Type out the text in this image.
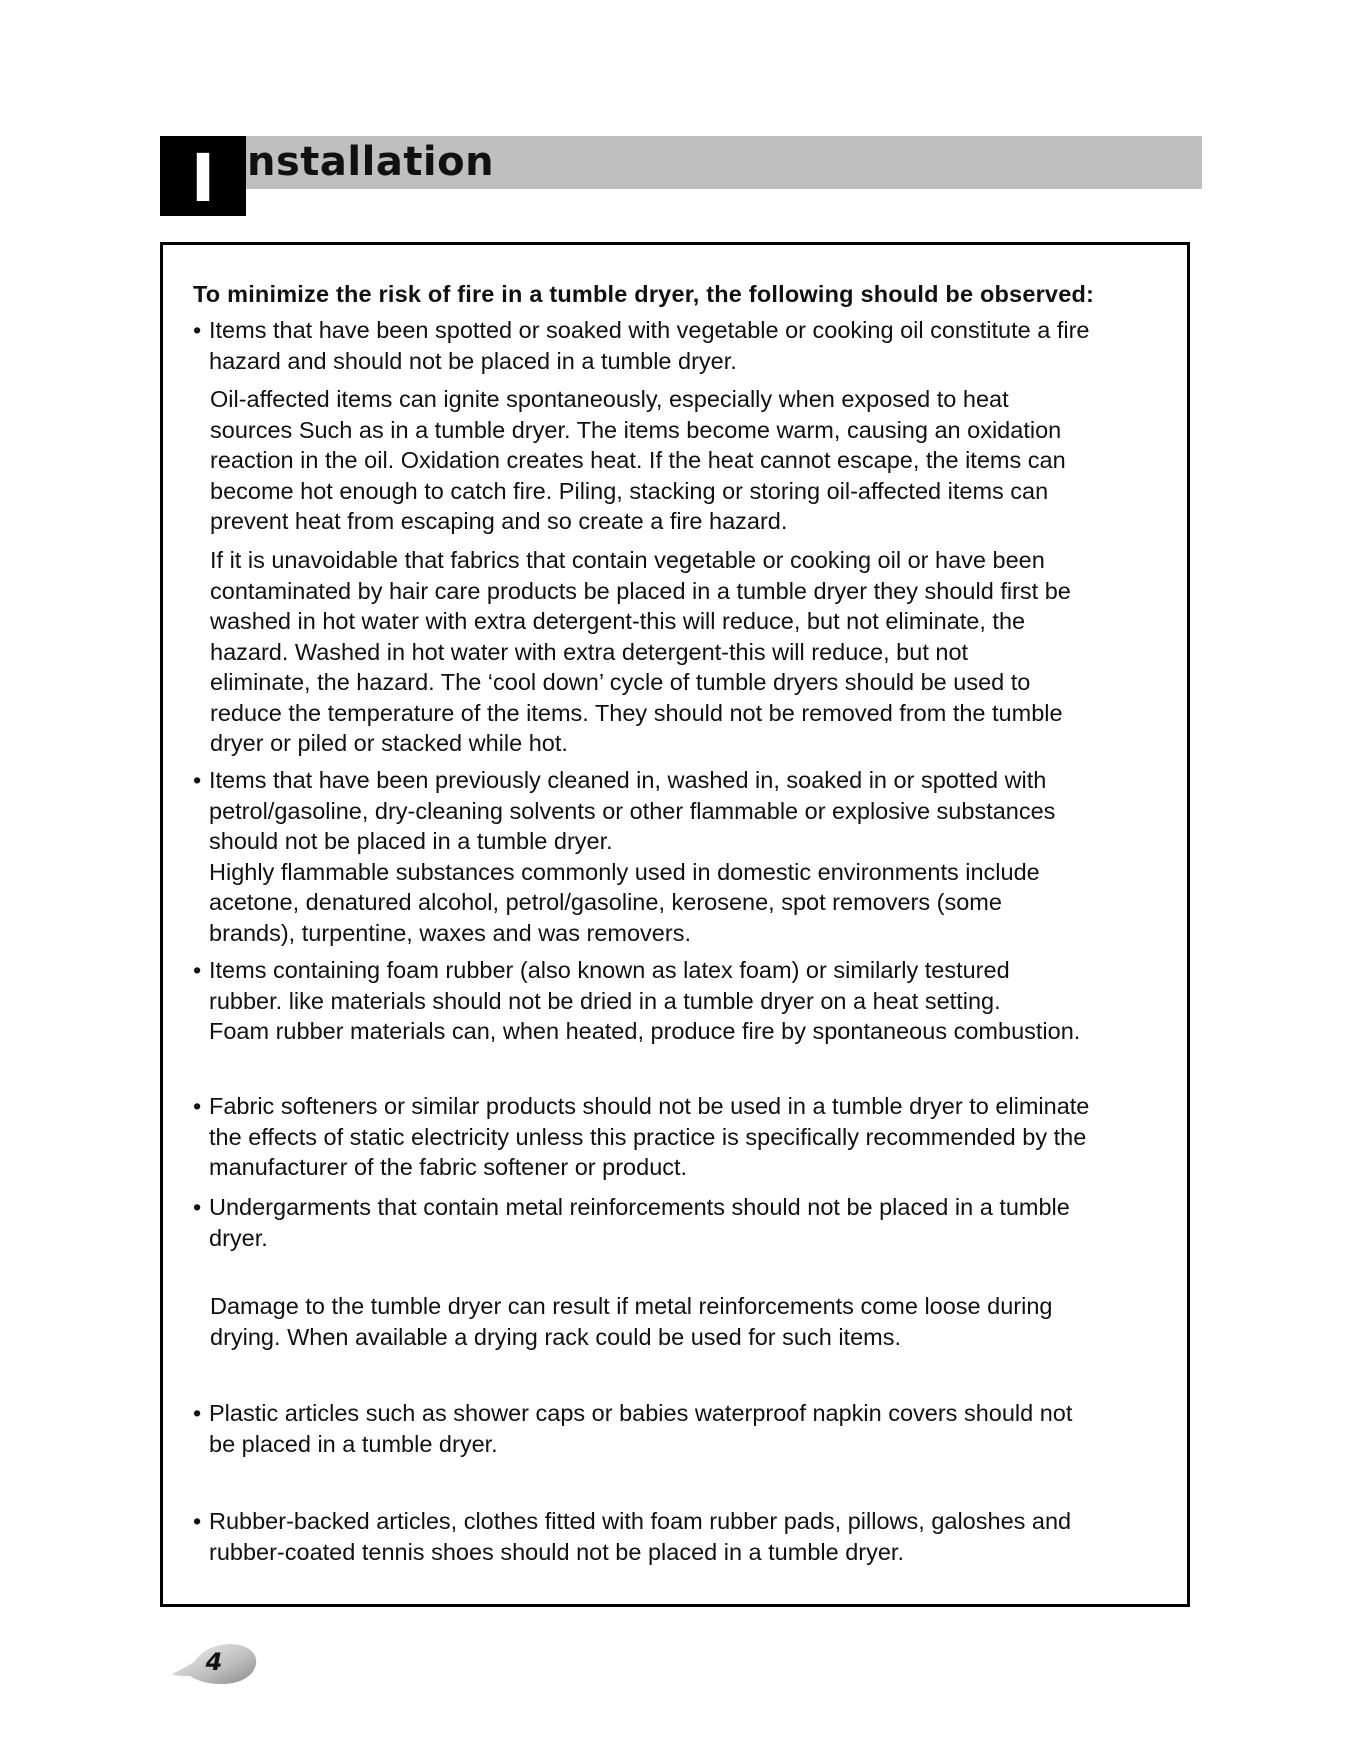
I nstallation
To minimize the risk of fire in a tumble dryer, the following should be observed:
• Items that have been spotted or soaked with vegetable or cooking oil constitute a fire
hazard and should not be placed in a tumble dryer.
Oil-affected items can ignite spontaneously, especially when exposed to heat
sources Such as in a tumble dryer. The items become warm, causing an oxidation
reaction in the oil. Oxidation creates heat. If the heat cannot escape, the items can
become hot enough to catch fire. Piling, stacking or storing oil-affected items can
prevent heat from escaping and so create a fire hazard.
If it is unavoidable that fabrics that contain vegetable or cooking oil or have been
contaminated by hair care products be placed in a tumble dryer they should first be
washed in hot water with extra detergent-this will reduce, but not eliminate, the
hazard. Washed in hot water with extra detergent-this will reduce, but not
eliminate, the hazard. The ‘cool down’ cycle of tumble dryers should be used to
reduce the temperature of the items. They should not be removed from the tumble
dryer or piled or stacked while hot.
• Items that have been previously cleaned in, washed in, soaked in or spotted with
petrol/gasoline, dry-cleaning solvents or other flammable or explosive substances
should not be placed in a tumble dryer.
Highly flammable substances commonly used in domestic environments include
acetone, denatured alcohol, petrol/gasoline, kerosene, spot removers (some
brands), turpentine, waxes and was removers.
• Items containing foam rubber (also known as latex foam) or similarly testured
rubber. like materials should not be dried in a tumble dryer on a heat setting.
Foam rubber materials can, when heated, produce fire by spontaneous combustion.
• Fabric softeners or similar products should not be used in a tumble dryer to eliminate
the effects of static electricity unless this practice is specifically recommended by the
manufacturer of the fabric softener or product.
• Undergarments that contain metal reinforcements should not be placed in a tumble
dryer.
Damage to the tumble dryer can result if metal reinforcements come loose during
drying. When available a drying rack could be used for such items.
• Plastic articles such as shower caps or babies waterproof napkin covers should not
be placed in a tumble dryer.
• Rubber-backed articles, clothes fitted with foam rubber pads, pillows, galoshes and
rubber-coated tennis shoes should not be placed in a tumble dryer.
4
